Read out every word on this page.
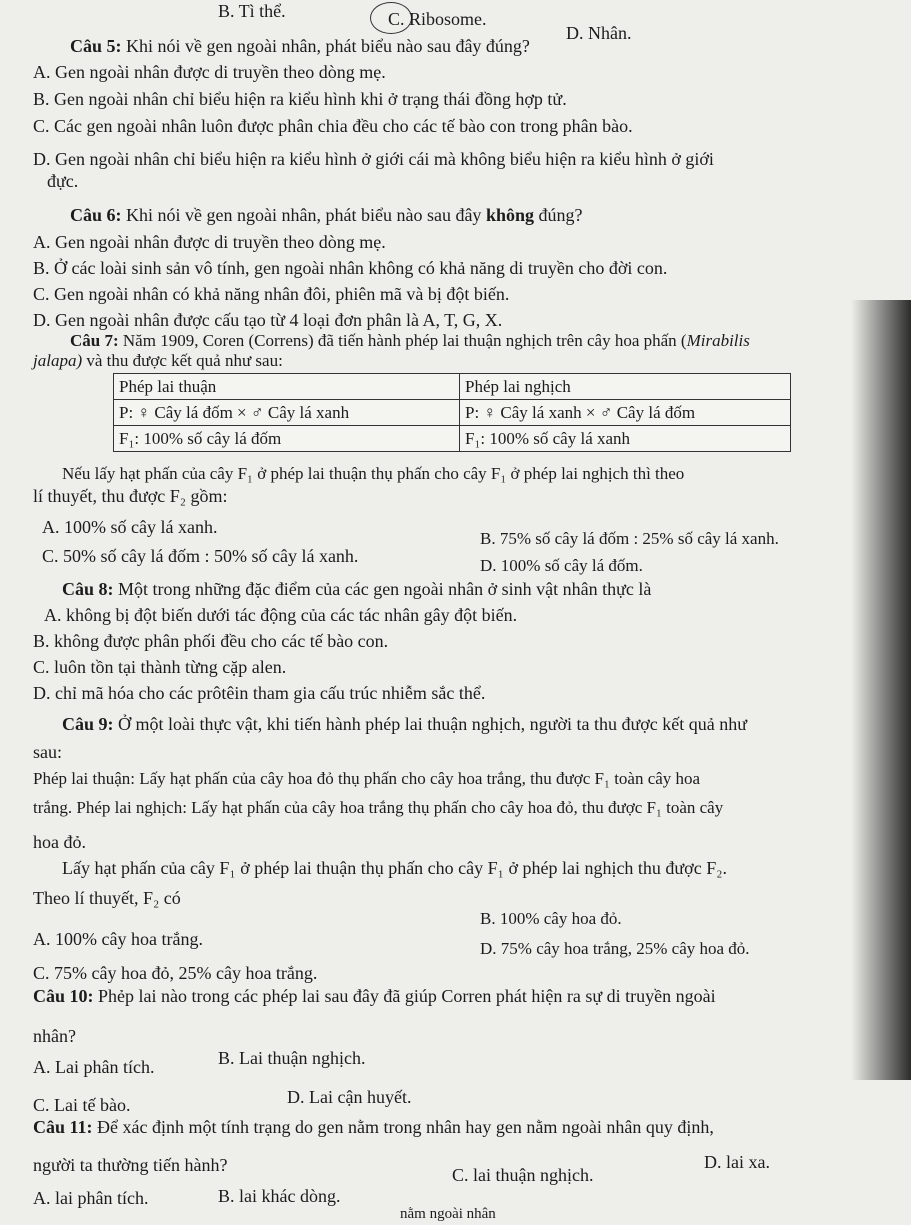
B. Tì thể.	C. Ribosome.
D. Nhân.
Câu 5: Khi nói về gen ngoài nhân, phát biểu nào sau đây đúng?
A. Gen ngoài nhân được di truyền theo dòng mẹ.
B. Gen ngoài nhân chỉ biểu hiện ra kiểu hình khi ở trạng thái đồng hợp tử.
C. Các gen ngoài nhân luôn được phân chia đều cho các tế bào con trong phân bào.
D. Gen ngoài nhân chỉ biểu hiện ra kiểu hình ở giới cái mà không biểu hiện ra kiểu hình ở giới
đực.
Câu 6: Khi nói về gen ngoài nhân, phát biểu nào sau đây không đúng?
A. Gen ngoài nhân được di truyền theo dòng mẹ.
B. Ở các loài sinh sản vô tính, gen ngoài nhân không có khả năng di truyền cho đời con.
C. Gen ngoài nhân có khả năng nhân đôi, phiên mã và bị đột biến.
D. Gen ngoài nhân được cấu tạo từ 4 loại đơn phân là A, T, G, X.
Câu 7: Năm 1909, Coren (Correns) đã tiến hành phép lai thuận nghịch trên cây hoa phấn (Mirabilis
jalapa) và thu được kết quả như sau:
Phép lai thuận	Phép lai nghịch
P: ♀ Cây lá đốm × ♂ Cây lá xanh	P: ♀ Cây lá xanh × ♂ Cây lá đốm
F₁: 100% số cây lá đốm	F₁: 100% số cây lá xanh
Nếu lấy hạt phấn của cây F₁ ở phép lai thuận thụ phấn cho cây F₁ ở phép lai nghịch thì theo
lí thuyết, thu được F₂ gồm:
A. 100% số cây lá xanh.
B. 75% số cây lá đốm : 25% số cây lá xanh.
C. 50% số cây lá đốm : 50% số cây lá xanh.	D. 100% số cây lá đốm.
Câu 8: Một trong những đặc điểm của các gen ngoài nhân ở sinh vật nhân thực là
A. không bị đột biến dưới tác động của các tác nhân gây đột biến.
B. không được phân phối đều cho các tế bào con.
C. luôn tồn tại thành từng cặp alen.
D. chỉ mã hóa cho các prôtêin tham gia cấu trúc nhiễm sắc thể.
Câu 9: Ở một loài thực vật, khi tiến hành phép lai thuận nghịch, người ta thu được kết quả như
sau:
Phép lai thuận: Lấy hạt phấn của cây hoa đỏ thụ phấn cho cây hoa trắng, thu được F₁ toàn cây hoa
trắng. Phép lai nghịch: Lấy hạt phấn của cây hoa trắng thụ phấn cho cây hoa đỏ, thu được F₁ toàn cây
hoa đỏ.
Lấy hạt phấn của cây F₁ ở phép lai thuận thụ phấn cho cây F₁ ở phép lai nghịch thu được F₂.
Theo lí thuyết, F₂ có
A. 100% cây hoa trắng.
B. 100% cây hoa đỏ.
C. 75% cây hoa đỏ, 25% cây hoa trắng.
D. 75% cây hoa trắng, 25% cây hoa đỏ.
Câu 10: Phẻp lai nào trong các phép lai sau đây đã giúp Corren phát hiện ra sự di truyền ngoài
nhân?
A. Lai phân tích.	B. Lai thuận nghịch.
C. Lai tế bào.	D. Lai cận huyết.
Câu 11: Để xác định một tính trạng do gen nằm trong nhân hay gen nằm ngoài nhân quy định,
người ta thường tiến hành?
A. lai phân tích.	B. lai khác dòng.
C. lai thuận nghịch.
D. lai xa.
nằm ngoài nhân
